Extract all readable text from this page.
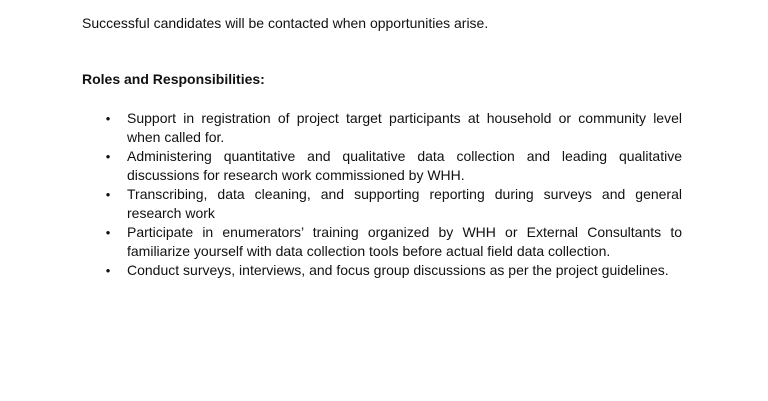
Successful candidates will be contacted when opportunities arise.

Roles and Responsibilities:

• Support in registration of project target participants at household or community level when called for.
• Administering quantitative and qualitative data collection and leading qualitative discussions for research work commissioned by WHH.
• Transcribing, data cleaning, and supporting reporting during surveys and general research work
• Participate in enumerators’ training organized by WHH or External Consultants to familiarize yourself with data collection tools before actual field data collection.
• Conduct surveys, interviews, and focus group discussions as per the project guidelines.
